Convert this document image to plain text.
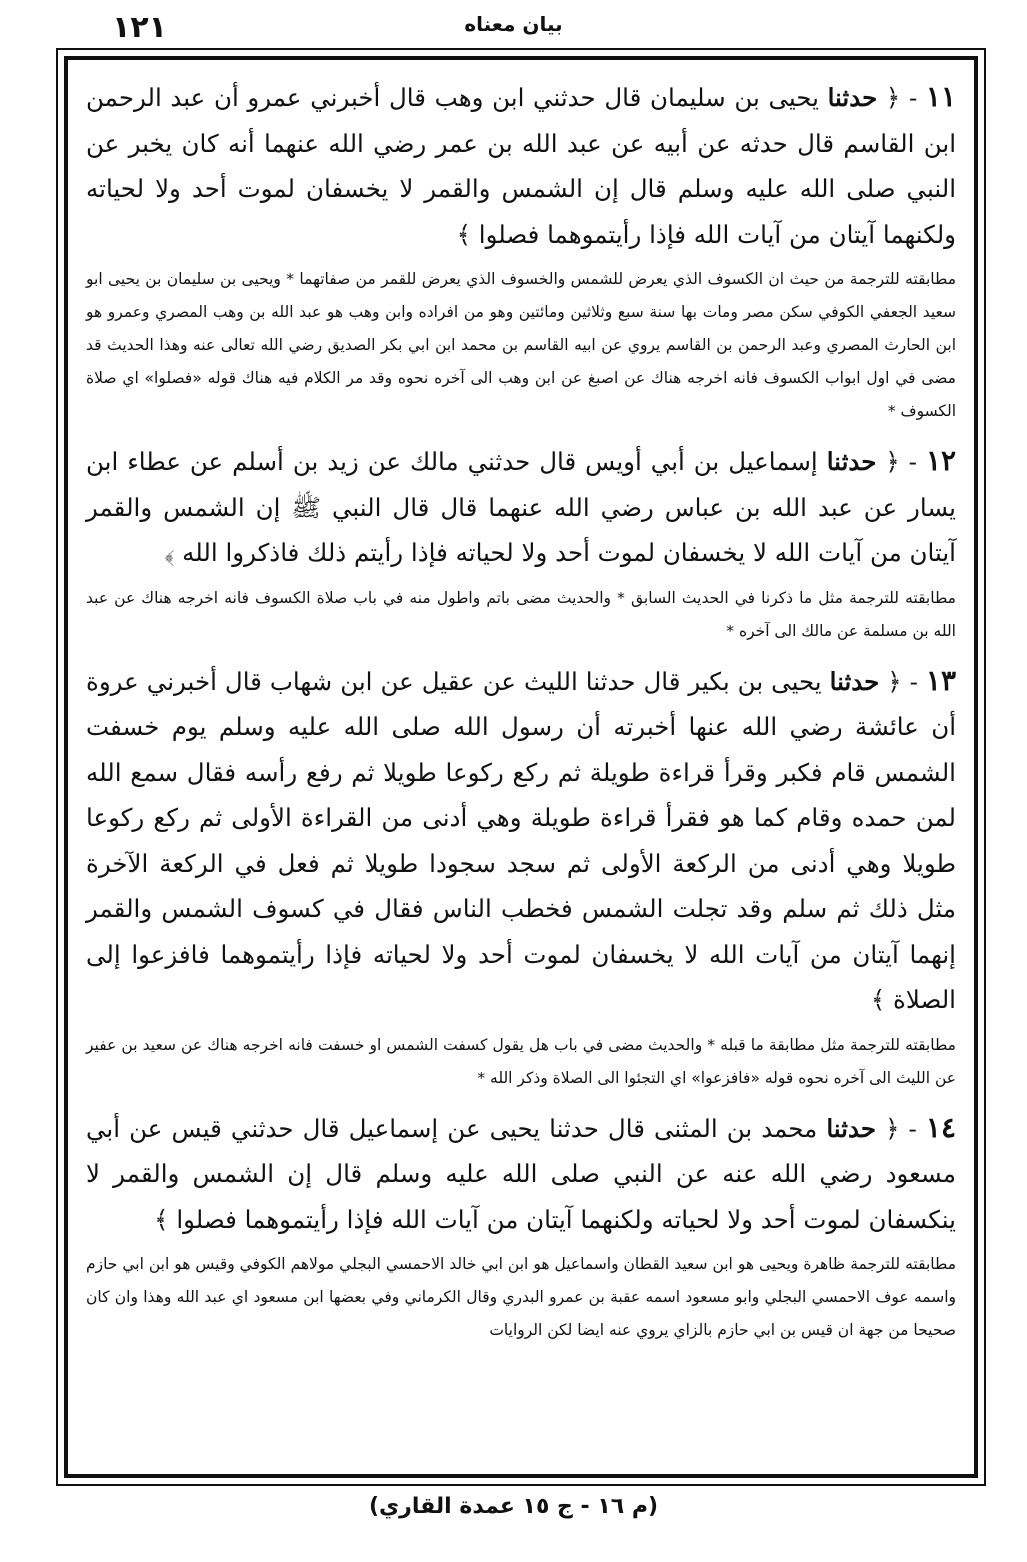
١٢١	بيان معناه

١١ - ﴿ حدثنا يحيى بن سليمان قال حدثني ابن وهب قال أخبرني عمرو أن عبد الرحمن ابن القاسم قال حدثه عن أبيه عن عبد الله بن عمر رضي الله عنهما أنه كان يخبر عن النبي صلى الله عليه وسلم قال إن الشمس والقمر لا يخسفان لموت أحد ولا لحياته ولكنهما آيتان من آيات الله فإذا رأيتموهما فصلوا ﴾

مطابقته للترجمة من حيث ان الكسوف الذي يعرض للشمس والخسوف الذي يعرض للقمر من صفاتهما * ويحيى بن سليمان بن يحيى ابو سعيد الجعفي الكوفي سكن مصر ومات بها سنة سبع وثلاثين ومائتين وهو من افراده وابن وهب هو عبد الله بن وهب المصري وعمرو هو ابن الحارث المصري وعبد الرحمن بن القاسم يروي عن ابيه القاسم بن محمد ابن ابي بكر الصديق رضي الله تعالى عنه وهذا الحديث قد مضى في اول ابواب الكسوف فانه اخرجه هناك عن اصبغ عن ابن وهب الى آخره نحوه وقد مر الكلام فيه هناك قوله «فصلوا» اي صلاة الكسوف *

١٢ - ﴿ حدثنا إسماعيل بن أبي أويس قال حدثني مالك عن زيد بن أسلم عن عطاء ابن يسار عن عبد الله بن عباس رضي الله عنهما قال قال النبي ﷺ إن الشمس والقمر آيتان من آيات الله لا يخسفان لموت أحد ولا لحياته فإذا رأيتم ذلك فاذكروا الله ﴾

مطابقته للترجمة مثل ما ذكرنا في الحديث السابق * والحديث مضى باتم واطول منه في باب صلاة الكسوف فانه اخرجه هناك عن عبد الله بن مسلمة عن مالك الى آخره *

١٣ - ﴿ حدثنا يحيى بن بكير قال حدثنا الليث عن عقيل عن ابن شهاب قال أخبرني عروة أن عائشة رضي الله عنها أخبرته أن رسول الله صلى الله عليه وسلم يوم خسفت الشمس قام فكبر وقرأ قراءة طويلة ثم ركع ركوعا طويلا ثم رفع رأسه فقال سمع الله لمن حمده وقام كما هو فقرأ قراءة طويلة وهي أدنى من القراءة الأولى ثم ركع ركوعا طويلا وهي أدنى من الركعة الأولى ثم سجد سجودا طويلا ثم فعل في الركعة الآخرة مثل ذلك ثم سلم وقد تجلت الشمس فخطب الناس فقال في كسوف الشمس والقمر إنهما آيتان من آيات الله لا يخسفان لموت أحد ولا لحياته فإذا رأيتموهما فافزعوا إلى الصلاة ﴾

مطابقته للترجمة مثل مطابقة ما قبله * والحديث مضى في باب هل يقول كسفت الشمس او خسفت فانه اخرجه هناك عن سعيد بن عفير عن الليث الى آخره نحوه قوله «فافزعوا» اي التجئوا الى الصلاة وذكر الله *

١٤ - ﴿ حدثنا محمد بن المثنى قال حدثنا يحيى عن إسماعيل قال حدثني قيس عن أبي مسعود رضي الله عنه عن النبي صلى الله عليه وسلم قال إن الشمس والقمر لا ينكسفان لموت أحد ولا لحياته ولكنهما آيتان من آيات الله فإذا رأيتموهما فصلوا ﴾

مطابقته للترجمة ظاهرة ويحيى هو ابن سعيد القطان واسماعيل هو ابن ابي خالد الاحمسي البجلي مولاهم الكوفي وقيس هو ابن ابي حازم واسمه عوف الاحمسي البجلي وابو مسعود اسمه عقبة بن عمرو البدري وقال الكرماني وفي بعضها ابن مسعود اي عبد الله وهذا وان كان صحيحا من جهة ان قيس بن ابي حازم بالزاي يروي عنه ايضا لكن الروايات

(م ١٦ - ج ١٥ عمدة القاري)
